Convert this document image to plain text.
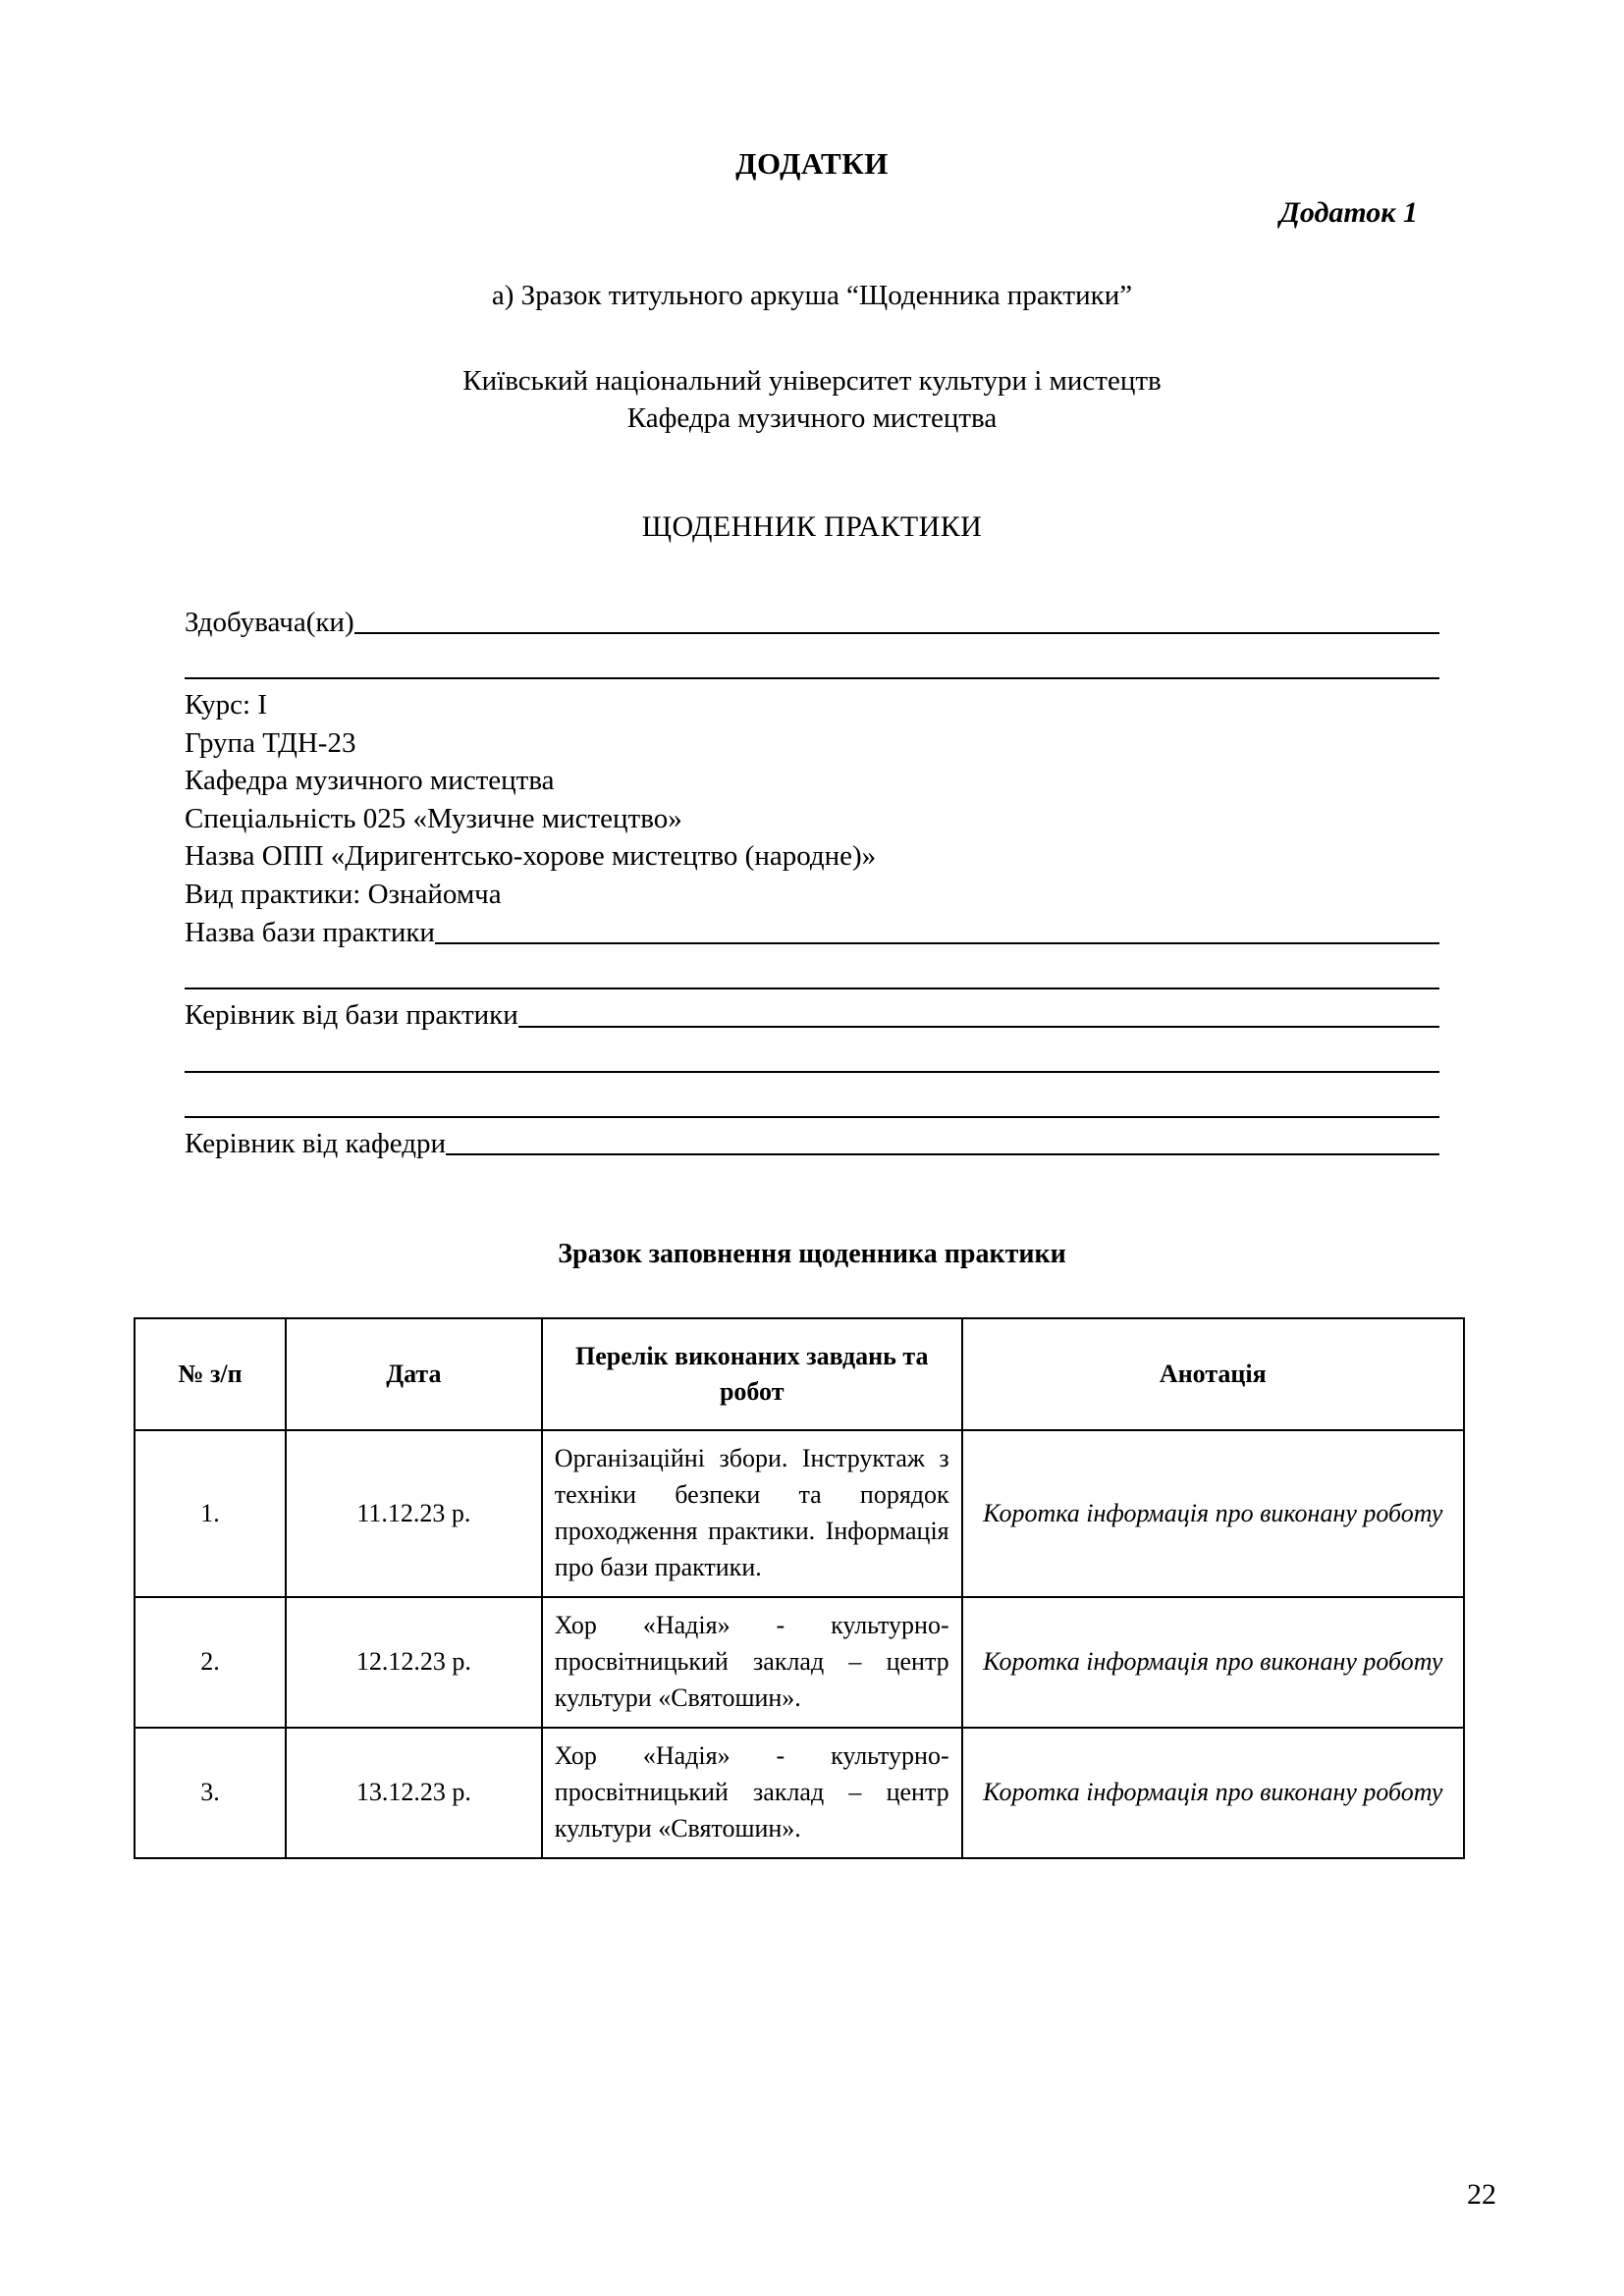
ДОДАТКИ
Додаток 1
а) Зразок титульного аркуша “Щоденника практики”
Київський національний університет культури і мистецтв
Кафедра музичного мистецтва
ЩОДЕННИК ПРАКТИКИ
Здобувача(ки)
Курс: І
Група ТДН-23
Кафедра музичного мистецтва
Спеціальність 025 «Музичне мистецтво»
Назва ОПП «Диригентсько-хорове мистецтво (народне)»
Вид практики: Ознайомча
Назва бази практики
Керівник від бази практики
Керівник від кафедри
Зразок заповнення щоденника практики
№ з/п	Дата	Перелік виконаних завдань та робот	Анотація
1.	11.12.23 р.	Організаційні збори. Інструктаж з техніки безпеки та порядок проходження практики. Інформація про бази практики.	Коротка інформація про виконану роботу
2.	12.12.23 р.	Хор «Надія» - культурно-просвітницький заклад – центр культури «Святошин».	Коротка інформація про виконану роботу
3.	13.12.23 р.	Хор «Надія» - культурно-просвітницький заклад – центр культури «Святошин».	Коротка інформація про виконану роботу
22
